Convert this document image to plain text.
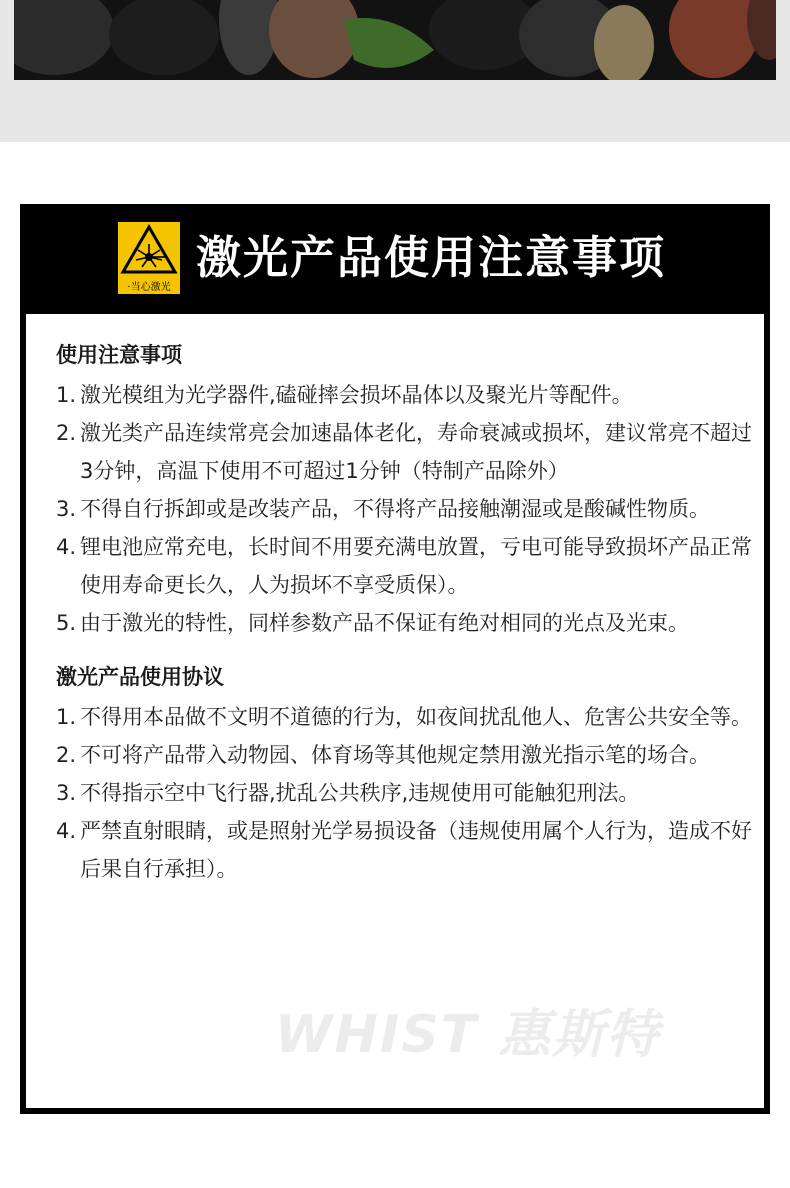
·当心激光
激光产品使用注意事项
使用注意事项
1. 激光模组为光学器件,磕碰摔会损坏晶体以及聚光片等配件。
2. 激光类产品连续常亮会加速晶体老化，寿命衰减或损坏，建议常亮不超过3分钟，高温下使用不可超过1分钟（特制产品除外）
3. 不得自行拆卸或是改装产品，不得将产品接触潮湿或是酸碱性物质。
4. 锂电池应常充电，长时间不用要充满电放置，亏电可能导致损坏产品正常使用寿命更长久，人为损坏不享受质保）。
5. 由于激光的特性，同样参数产品不保证有绝对相同的光点及光束。
激光产品使用协议
1. 不得用本品做不文明不道德的行为，如夜间扰乱他人、危害公共安全等。
2. 不可将产品带入动物园、体育场等其他规定禁用激光指示笔的场合。
3. 不得指示空中飞行器,扰乱公共秩序,违规使用可能触犯刑法。
4. 严禁直射眼睛，或是照射光学易损设备（违规使用属个人行为，造成不好后果自行承担）。
WHIST 惠斯特
